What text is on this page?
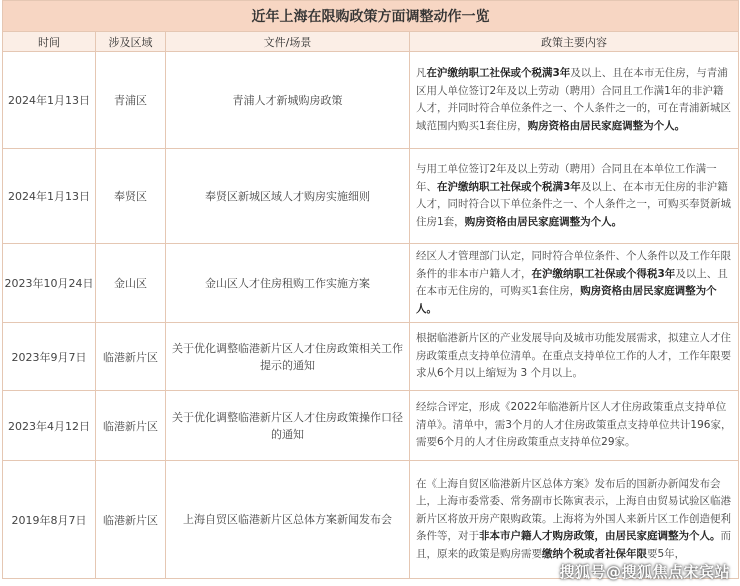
近年上海在限购政策方面调整动作一览			
时间	涉及区域	文件/场景	政策主要内容
2024年1月13日	青浦区	青浦人才新城购房政策	凡在沪缴纳职工社保或个税满3年及以上、且在本市无住房，与青浦区用人单位签订2年及以上劳动（聘用）合同且工作满1年的非沪籍人才，并同时符合单位条件之一、个人条件之一的，可在青浦新城区域范围内购买1套住房，购房资格由居民家庭调整为个人。
2024年1月13日	奉贤区	奉贤区新城区域人才购房实施细则	与用工单位签订2年及以上劳动（聘用）合同且在本单位工作满一年、在沪缴纳职工社保或个税满3年及以上、在本市无住房的非沪籍人才，同时符合以下单位条件之一、个人条件之一，可购买奉贤新城住房1套，购房资格由居民家庭调整为个人。
2023年10月24日	金山区	金山区人才住房租购工作实施方案	经区人才管理部门认定，同时符合单位条件、个人条件以及工作年限条件的非本市户籍人才，在沪缴纳职工社保或个得税3年及以上、且在本市无住房的，可购买1套住房，购房资格由居民家庭调整为个人。
2023年9月7日	临港新片区	关于优化调整临港新片区人才住房政策相关工作提示的通知	根据临港新片区的产业发展导向及城市功能发展需求，拟建立人才住房政策重点支持单位清单。在重点支持单位工作的人才，工作年限要求从6个月以上缩短为 3 个月以上。
2023年4月12日	临港新片区	关于优化调整临港新片区人才住房政策操作口径的通知	经综合评定，形成《2022年临港新片区人才住房政策重点支持单位清单》。清单中，需3个月的人才住房政策重点支持单位共计196家，需要6个月的人才住房政策重点支持单位29家。
2019年8月7日	临港新片区	上海自贸区临港新片区总体方案新闻发布会	在《上海自贸区临港新片区总体方案》发布后的国新办新闻发布会上，上海市委常委、常务副市长陈寅表示，上海自由贸易试验区临港新片区将放开房产限购政策。上海将为外国人来新片区工作创造便利条件等，对于非本市户籍人才购房政策，由居民家庭调整为个人。而且，原来的政策是购房需要缴纳个税或者社保年限要5年，
搜狐号@搜狐焦点宋宾站
